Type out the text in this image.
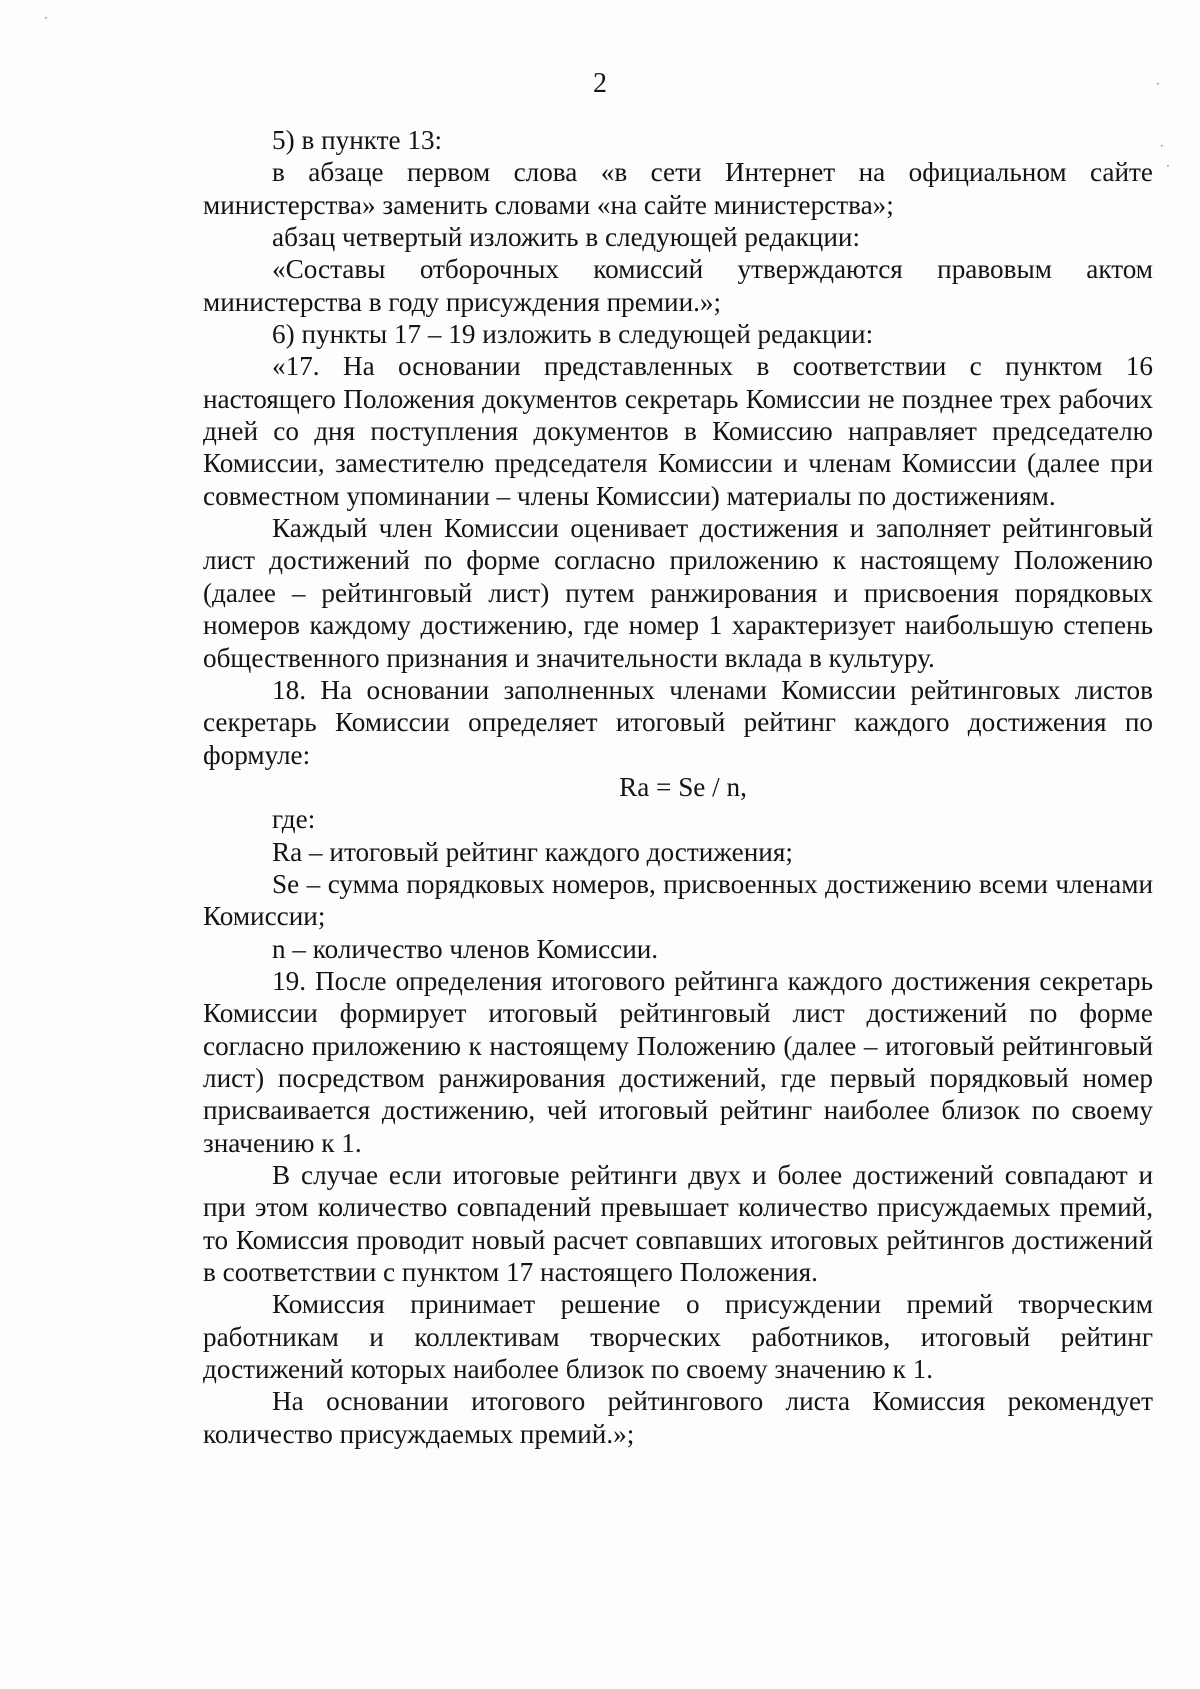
·
·
·
·
2

5) в пункте 13:

в абзаце первом слова «в сети Интернет на официальном сайте министерства» заменить словами «на сайте министерства»;

абзац четвертый изложить в следующей редакции:

«Составы отборочных комиссий утверждаются правовым актом министерства в году присуждения премии.»;

6) пункты 17 – 19 изложить в следующей редакции:

«17. На основании представленных в соответствии с пунктом 16 настоящего Положения документов секретарь Комиссии не позднее трех рабочих дней со дня поступления документов в Комиссию направляет председателю Комиссии, заместителю председателя Комиссии и членам Комиссии (далее при совместном упоминании – члены Комиссии) материалы по достижениям.

Каждый член Комиссии оценивает достижения и заполняет рейтинговый лист достижений по форме согласно приложению к настоящему Положению (далее – рейтинговый лист) путем ранжирования и присвоения порядковых номеров каждому достижению, где номер 1 характеризует наибольшую степень общественного признания и значительности вклада в культуру.

18. На основании заполненных членами Комиссии рейтинговых листов секретарь Комиссии определяет итоговый рейтинг каждого достижения по формуле:

Ra = Se / n,

где:

Ra – итоговый рейтинг каждого достижения;

Se – сумма порядковых номеров, присвоенных достижению всеми членами Комиссии;

n – количество членов Комиссии.

19. После определения итогового рейтинга каждого достижения секретарь Комиссии формирует итоговый рейтинговый лист достижений по форме согласно приложению к настоящему Положению (далее – итоговый рейтинговый лист) посредством ранжирования достижений, где первый порядковый номер присваивается достижению, чей итоговый рейтинг наиболее близок по своему значению к 1.

В случае если итоговые рейтинги двух и более достижений совпадают и при этом количество совпадений превышает количество присуждаемых премий, то Комиссия проводит новый расчет совпавших итоговых рейтингов достижений в соответствии с пунктом 17 настоящего Положения.

Комиссия принимает решение о присуждении премий творческим работникам и коллективам творческих работников, итоговый рейтинг достижений которых наиболее близок по своему значению к 1.

На основании итогового рейтингового листа Комиссия рекомендует количество присуждаемых премий.»;
